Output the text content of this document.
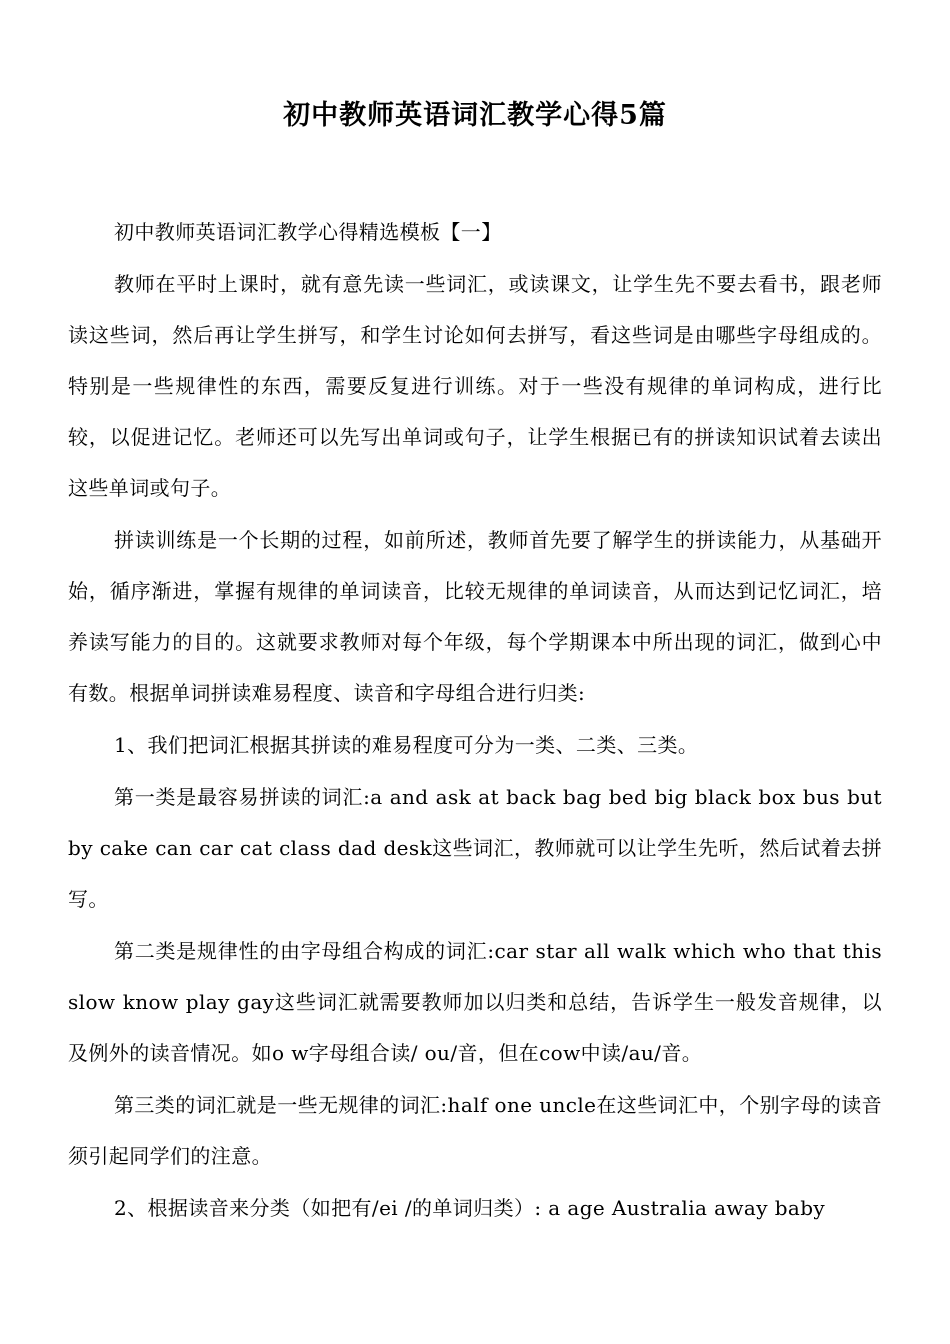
初中教师英语词汇教学心得5篇

初中教师英语词汇教学心得精选模板【一】

教师在平时上课时，就有意先读一些词汇，或读课文，让学生先不要去看书，跟老师读这些词，然后再让学生拼写，和学生讨论如何去拼写，看这些词是由哪些字母组成的。特别是一些规律性的东西，需要反复进行训练。对于一些没有规律的单词构成，进行比较，以促进记忆。老师还可以先写出单词或句子，让学生根据已有的拼读知识试着去读出这些单词或句子。

拼读训练是一个长期的过程，如前所述，教师首先要了解学生的拼读能力，从基础开始，循序渐进，掌握有规律的单词读音，比较无规律的单词读音，从而达到记忆词汇，培养读写能力的目的。这就要求教师对每个年级，每个学期课本中所出现的词汇，做到心中有数。根据单词拼读难易程度、读音和字母组合进行归类:

1、我们把词汇根据其拼读的难易程度可分为一类、二类、三类。

第一类是最容易拼读的词汇:a and ask at back bag bed big black box bus but by cake can car cat class dad desk这些词汇，教师就可以让学生先听，然后试着去拼写。

第二类是规律性的由字母组合构成的词汇:car star all walk which who that this slow know play gay这些词汇就需要教师加以归类和总结，告诉学生一般发音规律，以及例外的读音情况。如o w字母组合读/ ou/音，但在cow中读/au/音。

第三类的词汇就是一些无规律的词汇:half one uncle在这些词汇中，个别字母的读音须引起同学们的注意。

2、根据读音来分类（如把有/ei /的单词归类）: a age Australia away baby
